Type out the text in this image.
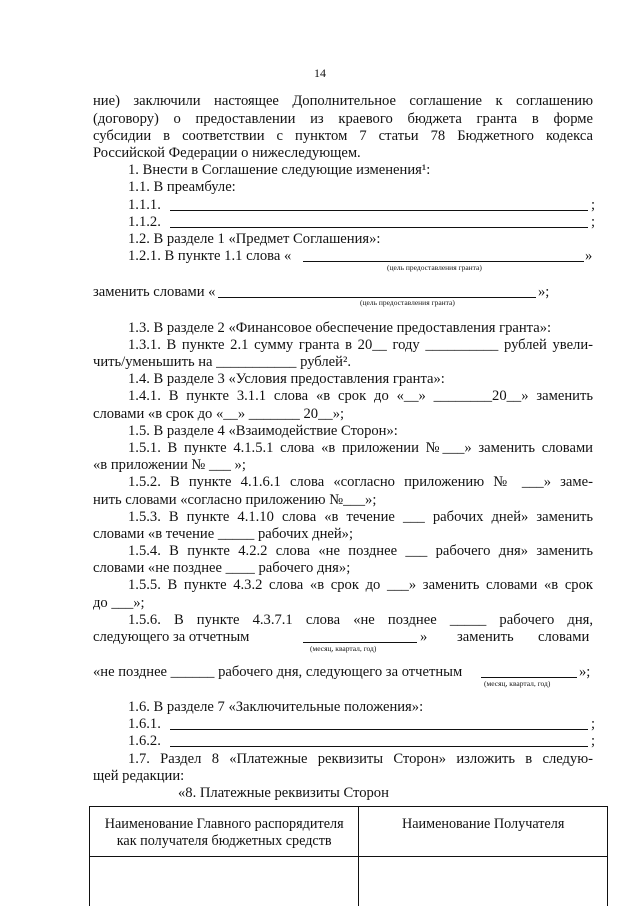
14
ние) заключили настоящее Дополнительное соглашение к соглашению
(договору) о предоставлении из краевого бюджета гранта в форме
субсидии в соответствии с пунктом 7 статьи 78 Бюджетного кодекса
Российской Федерации о нижеследующем.
1. Внести в Соглашение следующие изменения¹:
1.1. В преамбуле:
1.1.1.	;
1.1.2.	;
1.2. В разделе 1 «Предмет Соглашения»:
1.2.1. В пункте 1.1 слова «	»
(цель предоставления гранта)
заменить словами «	»;
(цель предоставления гранта)
1.3. В разделе 2 «Финансовое обеспечение предоставления гранта»:
1.3.1. В пункте 2.1 сумму гранта в 20__ году __________ рублей увели-
чить/уменьшить на ___________ рублей².
1.4. В разделе 3 «Условия предоставления гранта»:
1.4.1. В пункте 3.1.1 слова «в срок до «__» ________20__» заменить
словами «в срок до «__» _______ 20__»;
1.5. В разделе 4 «Взаимодействие Сторон»:
1.5.1. В пункте 4.1.5.1 слова «в приложении №___» заменить словами
«в приложении № ___ »;
1.5.2. В пункте 4.1.6.1 слова «согласно приложению № ___» заме-
нить словами «согласно приложению №___»;
1.5.3. В пункте 4.1.10 слова «в течение ___ рабочих дней» заменить
словами «в течение _____ рабочих дней»;
1.5.4. В пункте 4.2.2 слова «не позднее ___ рабочего дня» заменить
словами «не позднее ____ рабочего дня»;
1.5.5. В пункте 4.3.2 слова «в срок до ___» заменить словами «в срок
до ___»;
1.5.6. В пункте 4.3.7.1 слова «не позднее _____ рабочего дня,
следующего за отчетным	» заменить словами
(месяц, квартал, год)
«не позднее ______ рабочего дня, следующего за отчетным	»;
(месяц, квартал, год)
1.6. В разделе 7 «Заключительные положения»:
1.6.1.	;
1.6.2.	;
1.7. Раздел 8 «Платежные реквизиты Сторон» изложить в следую-
щей редакции:
«8. Платежные реквизиты Сторон
Наименование Главного распорядителя как получателя бюджетных средств	Наименование Получателя
